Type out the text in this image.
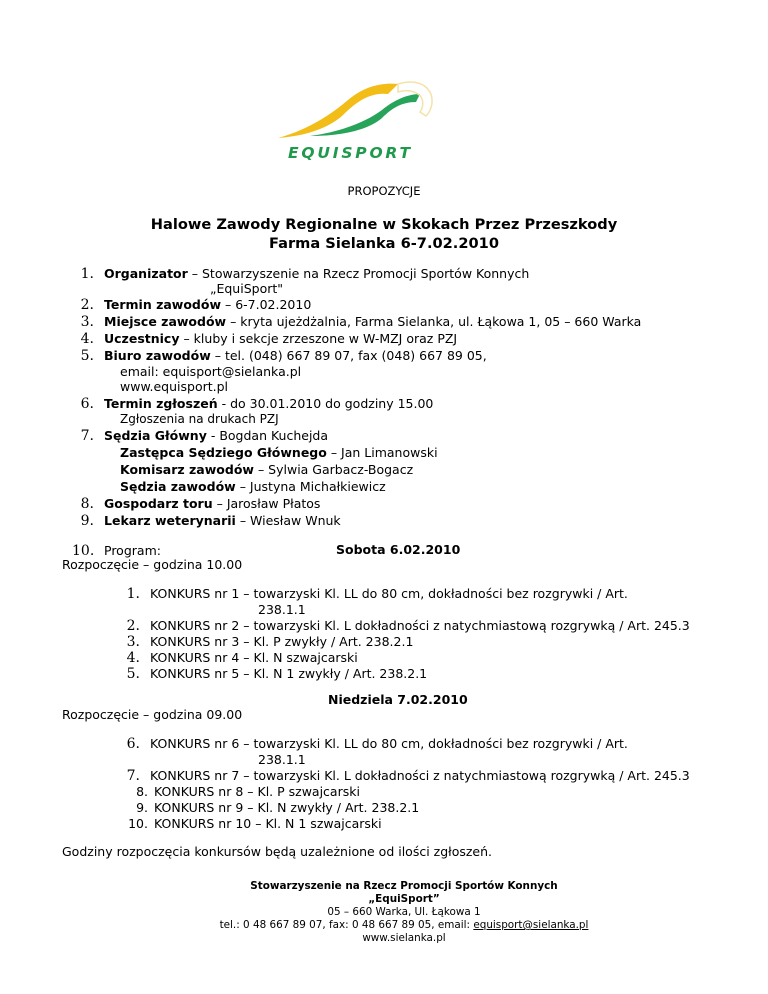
EQUISPORT
PROPOZYCJE
Halowe Zawody Regionalne w Skokach Przez Przeszkody
Farma Sielanka 6-7.02.2010
1. Organizator – Stowarzyszenie na Rzecz Promocji Sportów Konnych
„EquiSport"
2. Termin zawodów – 6-7.02.2010
3. Miejsce zawodów – kryta ujeżdżalnia, Farma Sielanka, ul. Łąkowa 1, 05 – 660 Warka
4. Uczestnicy – kluby i sekcje zrzeszone w W-MZJ oraz PZJ
5. Biuro zawodów – tel. (048) 667 89 07, fax (048) 667 89 05,
email: equisport@sielanka.pl
www.equisport.pl
6. Termin zgłoszeń - do 30.01.2010 do godziny 15.00
Zgłoszenia na drukach PZJ
7. Sędzia Główny - Bogdan Kuchejda
Zastępca Sędziego Głównego – Jan Limanowski
Komisarz zawodów – Sylwia Garbacz-Bogacz
Sędzia zawodów – Justyna Michałkiewicz
8. Gospodarz toru – Jarosław Płatos
9. Lekarz weterynarii – Wiesław Wnuk
10. Program:	Sobota 6.02.2010
Rozpoczęcie – godzina 10.00
1. KONKURS nr 1 – towarzyski Kl. LL do 80 cm, dokładności bez rozgrywki / Art.
238.1.1
2. KONKURS nr 2 – towarzyski Kl. L dokładności z natychmiastową rozgrywką / Art. 245.3
3. KONKURS nr 3 – Kl. P zwykły / Art. 238.2.1
4. KONKURS nr 4 – Kl. N szwajcarski
5. KONKURS nr 5 – Kl. N 1 zwykły / Art. 238.2.1
Niedziela 7.02.2010
Rozpoczęcie – godzina 09.00
6. KONKURS nr 6 – towarzyski Kl. LL do 80 cm, dokładności bez rozgrywki / Art.
238.1.1
7. KONKURS nr 7 – towarzyski Kl. L dokładności z natychmiastową rozgrywką / Art. 245.3
8. KONKURS nr 8 – Kl. P szwajcarski
9. KONKURS nr 9 – Kl. N zwykły / Art. 238.2.1
10. KONKURS nr 10 – Kl. N 1 szwajcarski
Godziny rozpoczęcia konkursów będą uzależnione od ilości zgłoszeń.
Stowarzyszenie na Rzecz Promocji Sportów Konnych
„EquiSport”
05 – 660 Warka, Ul. Łąkowa 1
tel.: 0 48 667 89 07, fax: 0 48 667 89 05, email: equisport@sielanka.pl
www.sielanka.pl
